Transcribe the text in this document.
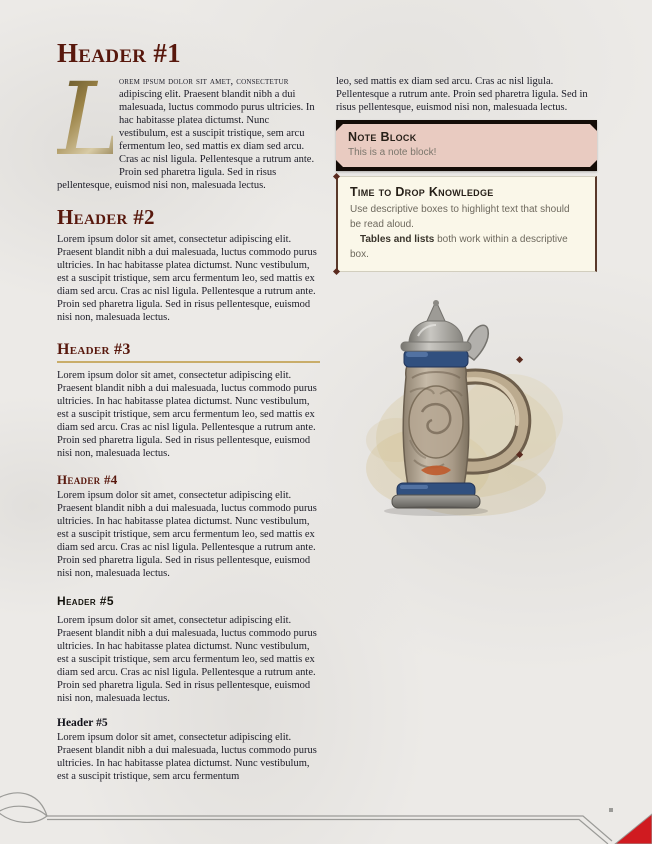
Header #1

L
orem ipsum dolor sit amet, consectetur adipiscing elit. Praesent blandit nibh a dui malesuada, luctus commodo purus ultricies. In hac habitasse platea dictumst. Nunc vestibulum, est a suscipit tristique, sem arcu fermentum leo, sed mattis ex diam sed arcu. Cras ac nisl ligula. Pellentesque a rutrum ante. Proin sed pharetra ligula. Sed in risus pellentesque, euismod nisi non, malesuada lectus.

Header #2

Lorem ipsum dolor sit amet, consectetur adipiscing elit. Praesent blandit nibh a dui malesuada, luctus commodo purus ultricies. In hac habitasse platea dictumst. Nunc vestibulum, est a suscipit tristique, sem arcu fermentum leo, sed mattis ex diam sed arcu. Cras ac nisl ligula. Pellentesque a rutrum ante. Proin sed pharetra ligula. Sed in risus pellentesque, euismod nisi non, malesuada lectus.

Header #3

Lorem ipsum dolor sit amet, consectetur adipiscing elit. Praesent blandit nibh a dui malesuada, luctus commodo purus ultricies. In hac habitasse platea dictumst. Nunc vestibulum, est a suscipit tristique, sem arcu fermentum leo, sed mattis ex diam sed arcu. Cras ac nisl ligula. Pellentesque a rutrum ante. Proin sed pharetra ligula. Sed in risus pellentesque, euismod nisi non, malesuada lectus.

Header #4

Lorem ipsum dolor sit amet, consectetur adipiscing elit. Praesent blandit nibh a dui malesuada, luctus commodo purus ultricies. In hac habitasse platea dictumst. Nunc vestibulum, est a suscipit tristique, sem arcu fermentum leo, sed mattis ex diam sed arcu. Cras ac nisl ligula. Pellentesque a rutrum ante. Proin sed pharetra ligula. Sed in risus pellentesque, euismod nisi non, malesuada lectus.

Header #5

Lorem ipsum dolor sit amet, consectetur adipiscing elit. Praesent blandit nibh a dui malesuada, luctus commodo purus ultricies. In hac habitasse platea dictumst. Nunc vestibulum, est a suscipit tristique, sem arcu fermentum leo, sed mattis ex diam sed arcu. Cras ac nisl ligula. Pellentesque a rutrum ante. Proin sed pharetra ligula. Sed in risus pellentesque, euismod nisi non, malesuada lectus.

Header #5

Lorem ipsum dolor sit amet, consectetur adipiscing elit. Praesent blandit nibh a dui malesuada, luctus commodo purus ultricies. In hac habitasse platea dictumst. Nunc vestibulum, est a suscipit tristique, sem arcu fermentum

leo, sed mattis ex diam sed arcu. Cras ac nisl ligula. Pellentesque a rutrum ante. Proin sed pharetra ligula. Sed in risus pellentesque, euismod nisi non, malesuada lectus.

Note Block

This is a note block!

Time to Drop Knowledge

Use descriptive boxes to highlight text that should be read aloud.

Tables and lists both work within a descriptive box.
